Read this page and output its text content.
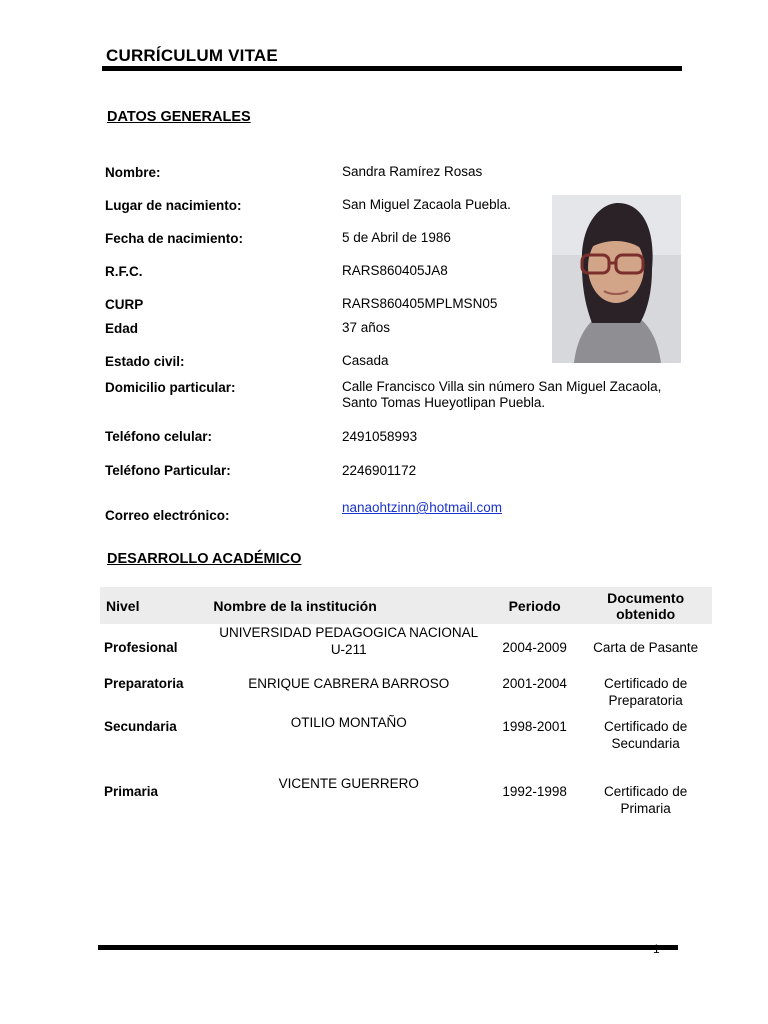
CURRÍCULUM VITAE
DATOS GENERALES
Nombre:	Sandra Ramírez Rosas
Lugar de nacimiento:	San Miguel Zacaola Puebla.
Fecha de nacimiento:	5 de Abril de 1986
R.F.C.	RARS860405JA8
CURP	RARS860405MPLMSN05
Edad	37 años
Estado civil:	Casada
Domicilio particular:	Calle Francisco Villa sin número San Miguel Zacaola,
Santo Tomas Hueyotlipan Puebla.
Teléfono celular:	2491058993
Teléfono Particular:	2246901172
Correo electrónico:
nanaohtzinn@hotmail.com
DESARROLLO ACADÉMICO
Nivel	Nombre de la institución	Periodo	Documento
obtenido
Profesional	UNIVERSIDAD PEDAGOGICA NACIONAL
U-211	2004-2009	Carta de Pasante
Preparatoria	ENRIQUE CABRERA BARROSO	2001-2004	Certificado de
Preparatoria
Secundaria	OTILIO MONTAÑO	1998-2001	Certificado de
Secundaria
Primaria	VICENTE GUERRERO	1992-1998	Certificado de
Primaria
1
